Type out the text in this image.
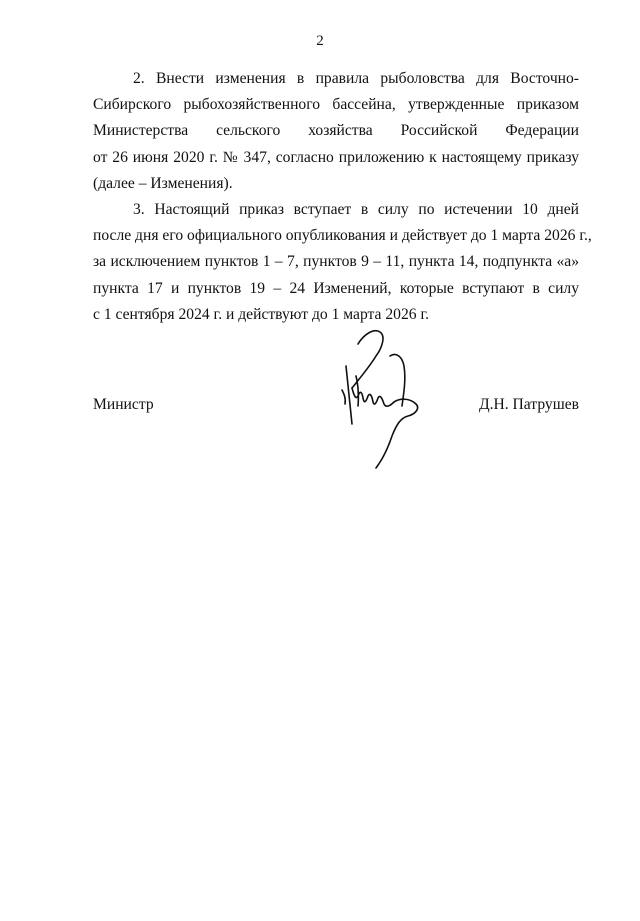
2
2. Внести изменения в правила рыболовства для Восточно-
Сибирского рыбохозяйственного бассейна, утвержденные приказом
Министерства сельского хозяйства Российской Федерации
от 26 июня 2020 г. № 347, согласно приложению к настоящему приказу
(далее – Изменения).
3. Настоящий приказ вступает в силу по истечении 10 дней
после дня его официального опубликования и действует до 1 марта 2026 г.,
за исключением пунктов 1 – 7, пунктов 9 – 11, пункта 14, подпункта «а»
пункта 17 и пунктов 19 – 24 Изменений, которые вступают в силу
с 1 сентября 2024 г. и действуют до 1 марта 2026 г.
Министр	Д.Н. Патрушев
